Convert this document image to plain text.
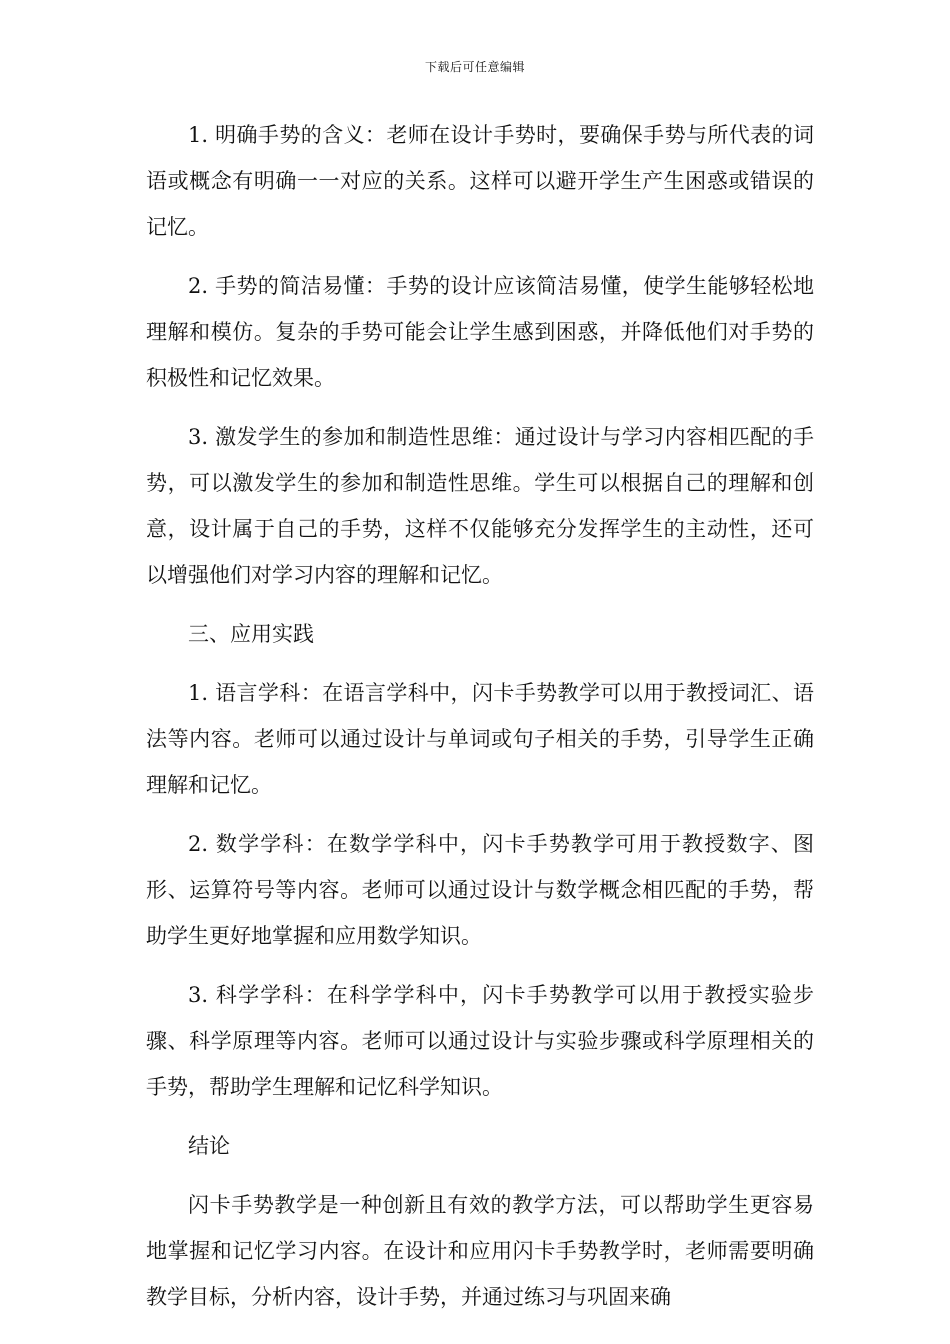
下载后可任意编辑

1. 明确手势的含义：老师在设计手势时，要确保手势与所代表的词语或概念有明确一一对应的关系。这样可以避开学生产生困惑或错误的记忆。

2. 手势的简洁易懂：手势的设计应该简洁易懂，使学生能够轻松地理解和模仿。复杂的手势可能会让学生感到困惑，并降低他们对手势的积极性和记忆效果。

3. 激发学生的参加和制造性思维：通过设计与学习内容相匹配的手势，可以激发学生的参加和制造性思维。学生可以根据自己的理解和创意，设计属于自己的手势，这样不仅能够充分发挥学生的主动性，还可以增强他们对学习内容的理解和记忆。

三、应用实践

1. 语言学科：在语言学科中，闪卡手势教学可以用于教授词汇、语法等内容。老师可以通过设计与单词或句子相关的手势，引导学生正确理解和记忆。

2. 数学学科：在数学学科中，闪卡手势教学可用于教授数字、图形、运算符号等内容。老师可以通过设计与数学概念相匹配的手势，帮助学生更好地掌握和应用数学知识。

3. 科学学科：在科学学科中，闪卡手势教学可以用于教授实验步骤、科学原理等内容。老师可以通过设计与实验步骤或科学原理相关的手势，帮助学生理解和记忆科学知识。

结论

闪卡手势教学是一种创新且有效的教学方法，可以帮助学生更容易地掌握和记忆学习内容。在设计和应用闪卡手势教学时，老师需要明确教学目标，分析内容，设计手势，并通过练习与巩固来确
